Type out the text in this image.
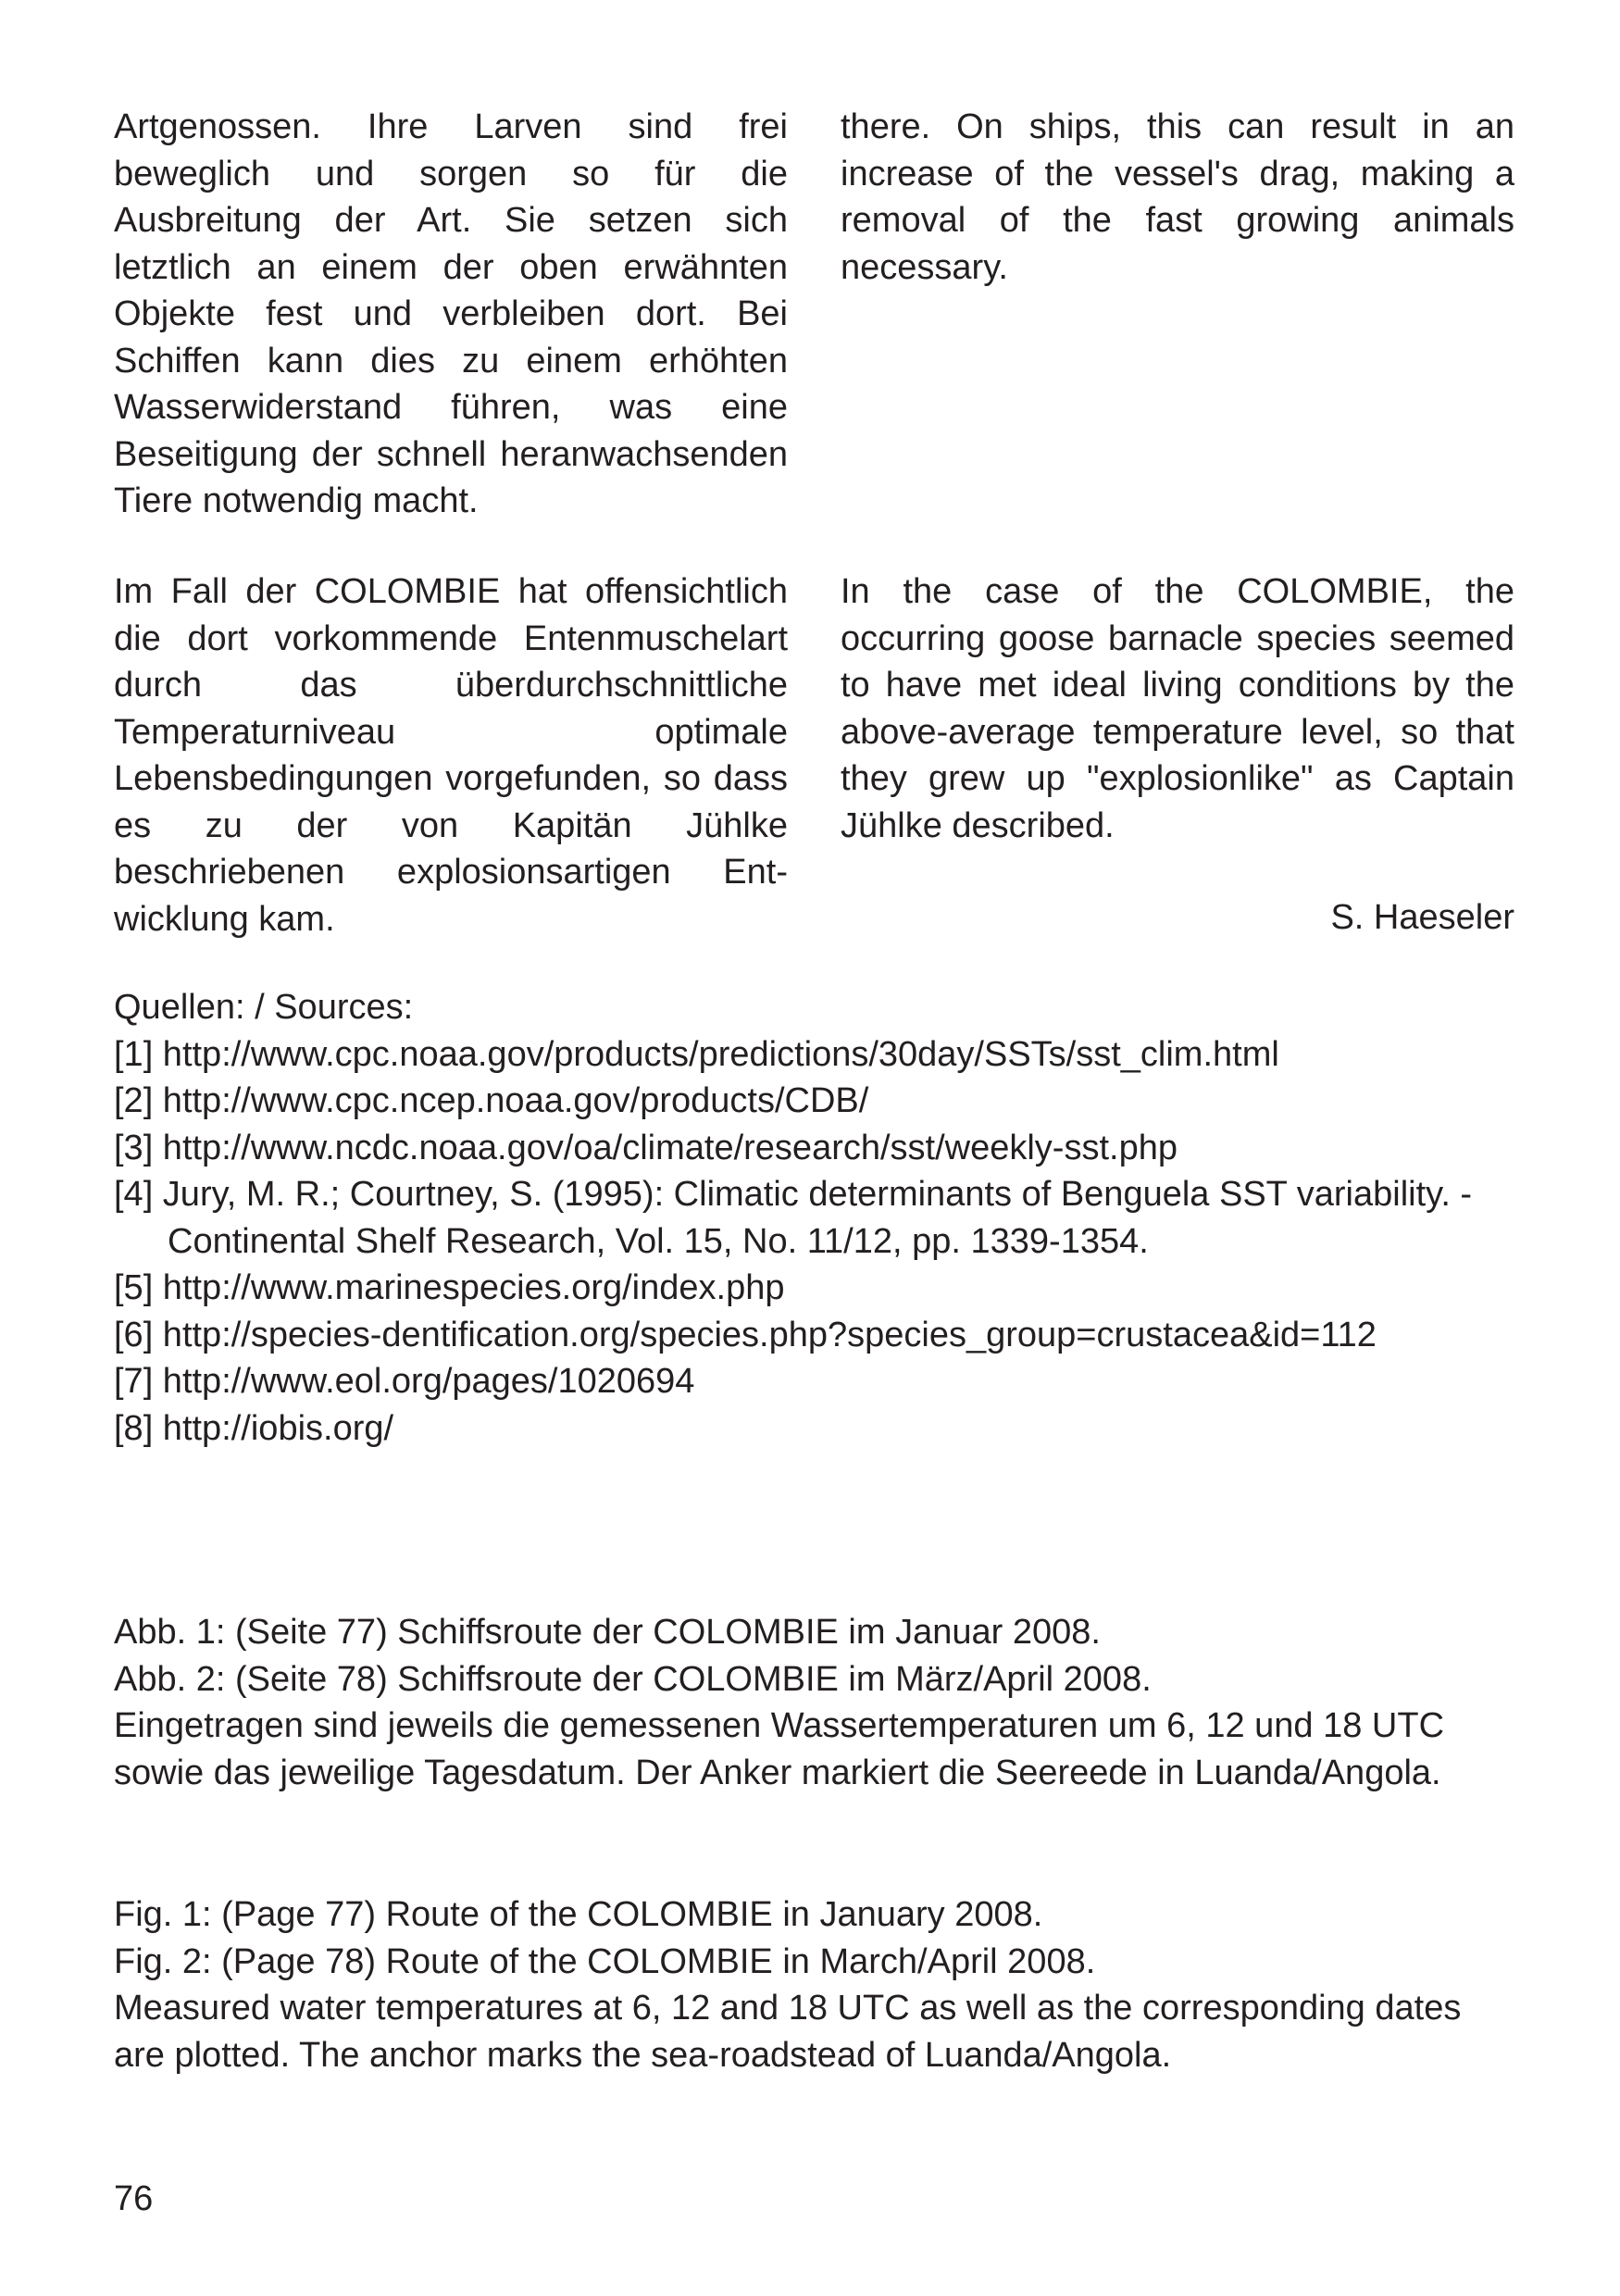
Artgenossen. Ihre Larven sind frei beweglich und sorgen so für die Ausbreitung der Art. Sie setzen sich letztlich an einem der oben erwähnten Objekte fest und verbleiben dort. Bei Schiffen kann dies zu einem erhöhten Wasserwiderstand führen, was eine Beseitigung der schnell heranwachsenden Tiere notwendig macht.

Im Fall der COLOMBIE hat offensichtlich die dort vorkommende Entenmuschelart durch das überdurchschnittliche Temperaturniveau optimale Lebensbedingungen vorgefunden, so dass es zu der von Kapitän Jühlke beschriebenen explosionsartigen Entwicklung kam.

there. On ships, this can result in an increase of the vessel's drag, making a removal of the fast growing animals necessary.

In the case of the COLOMBIE, the occurring goose barnacle species seemed to have met ideal living conditions by the above-average temperature level, so that they grew up "explosionlike" as Captain Jühlke described.

S. Haeseler

Quellen: / Sources:

[1] http://www.cpc.noaa.gov/products/predictions/30day/SSTs/sst_clim.html
[2] http://www.cpc.ncep.noaa.gov/products/CDB/
[3] http://www.ncdc.noaa.gov/oa/climate/research/sst/weekly-sst.php
[4] Jury, M. R.; Courtney, S. (1995): Climatic determinants of Benguela SST variability. - Continental Shelf Research, Vol. 15, No. 11/12, pp. 1339-1354.
[5] http://www.marinespecies.org/index.php
[6] http://species-dentification.org/species.php?species_group=crustacea&id=112
[7] http://www.eol.org/pages/1020694
[8] http://iobis.org/

Abb. 1: (Seite 77) Schiffsroute der COLOMBIE im Januar 2008.

Abb. 2: (Seite 78) Schiffsroute der COLOMBIE im März/April 2008.

Eingetragen sind jeweils die gemessenen Wassertemperaturen um 6, 12 und 18 UTC sowie das jeweilige Tagesdatum. Der Anker markiert die Seereede in Luanda/Angola.

Fig. 1: (Page 77) Route of the COLOMBIE in January 2008.

Fig. 2: (Page 78) Route of the COLOMBIE in March/April 2008.

Measured water temperatures at 6, 12 and 18 UTC as well as the corresponding dates are plotted. The anchor marks the sea-roadstead of Luanda/Angola.

76
